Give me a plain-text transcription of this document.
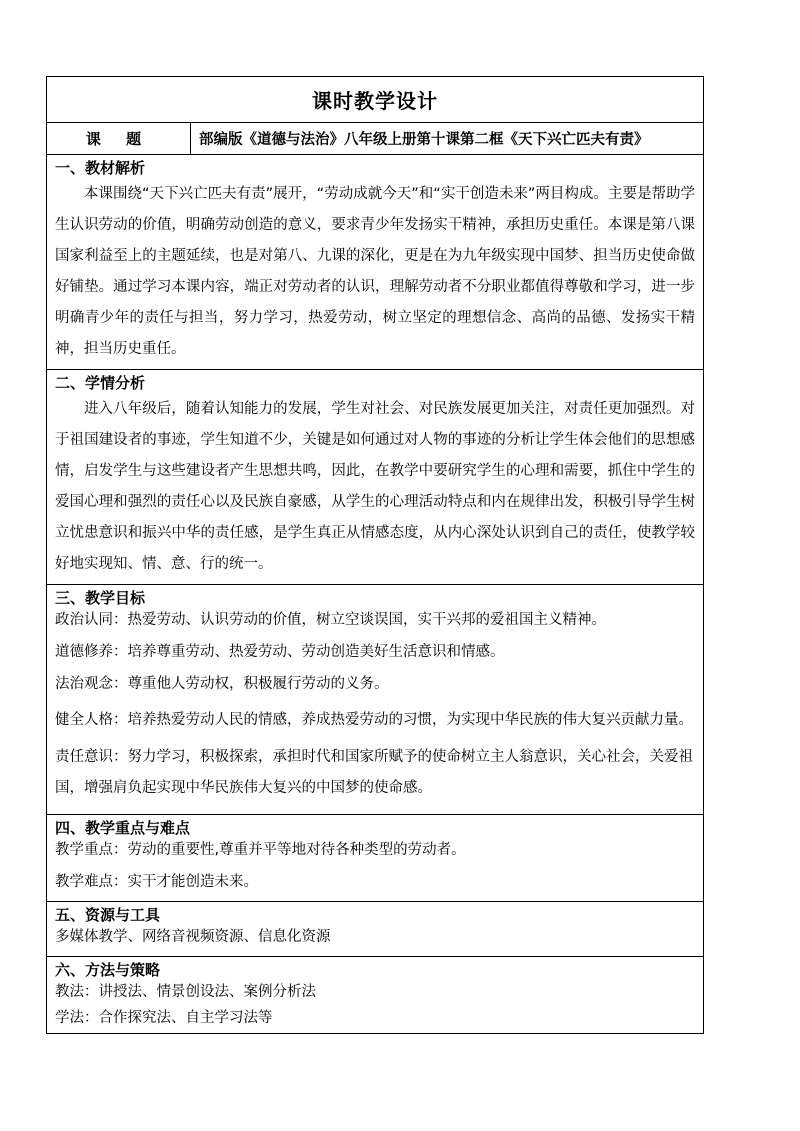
课时教学设计
课 题	部编版《道德与法治》八年级上册第十课第二框《天下兴亡匹夫有责》
一、教材解析

本课围绕“天下兴亡匹夫有责”展开，“劳动成就今天”和“实干创造未来”两目构成。主要是帮助学生认识劳动的价值，明确劳动创造的意义，要求青少年发扬实干精神，承担历史重任。本课是第八课国家利益至上的主题延续，也是对第八、九课的深化，更是在为九年级实现中国梦、担当历史使命做好铺垫。通过学习本课内容，端正对劳动者的认识，理解劳动者不分职业都值得尊敬和学习，进一步明确青少年的责任与担当，努力学习，热爱劳动，树立坚定的理想信念、高尚的品德、发扬实干精神，担当历史重任。

二、学情分析

进入八年级后，随着认知能力的发展，学生对社会、对民族发展更加关注，对责任更加强烈。对于祖国建设者的事迹，学生知道不少，关键是如何通过对人物的事迹的分析让学生体会他们的思想感情，启发学生与这些建设者产生思想共鸣，因此，在教学中要研究学生的心理和需要，抓住中学生的爱国心理和强烈的责任心以及民族自豪感，从学生的心理活动特点和内在规律出发，积极引导学生树立忧患意识和振兴中华的责任感，是学生真正从情感态度，从内心深处认识到自己的责任，使教学较好地实现知、情、意、行的统一。

三、教学目标

政治认同：热爱劳动、认识劳动的价值，树立空谈误国，实干兴邦的爱祖国主义精神。

道德修养：培养尊重劳动、热爱劳动、劳动创造美好生活意识和情感。

法治观念：尊重他人劳动权，积极履行劳动的义务。

健全人格：培养热爱劳动人民的情感，养成热爱劳动的习惯，为实现中华民族的伟大复兴贡献力量。

责任意识：努力学习，积极探索，承担时代和国家所赋予的使命树立主人翁意识，关心社会，关爱祖国，增强肩负起实现中华民族伟大复兴的中国梦的使命感。

四、教学重点与难点

教学重点：劳动的重要性,尊重并平等地对待各种类型的劳动者。

教学难点：实干才能创造未来。

五、资源与工具

多媒体教学、网络音视频资源、信息化资源

六、方法与策略

教法：讲授法、情景创设法、案例分析法

学法：合作探究法、自主学习法等
